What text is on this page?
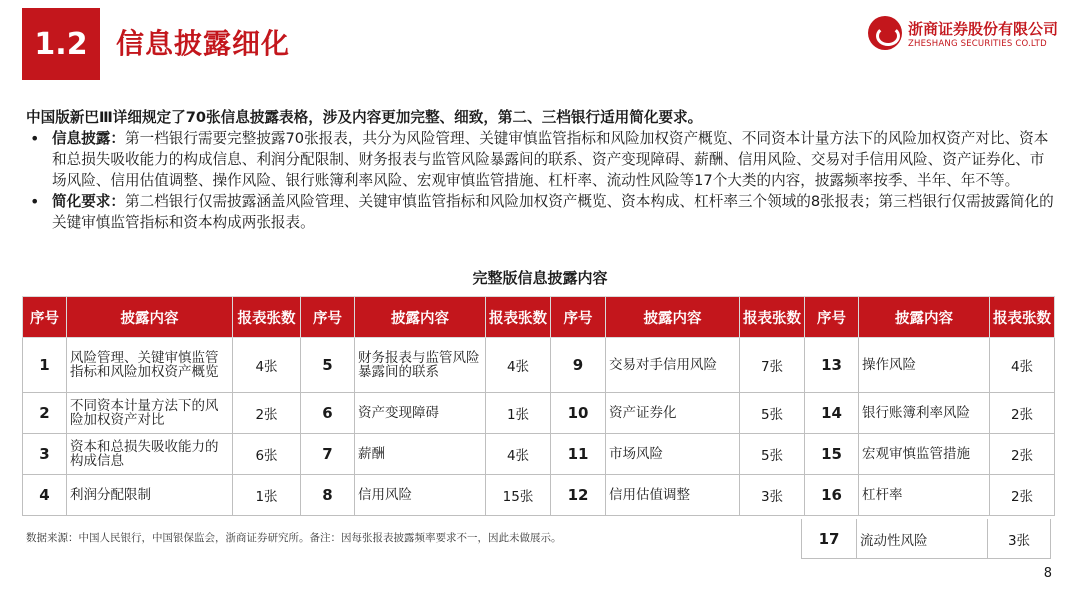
1.2	信息披露细化	浙商证券股份有限公司
ZHESHANG SECURITIES CO.LTD
中国版新巴Ⅲ详细规定了70张信息披露表格，涉及内容更加完整、细致，第二、三档银行适用简化要求。
• 信息披露：第一档银行需要完整披露70张报表，共分为风险管理、关键审慎监管指标和风险加权资产概览、不同资本计量方法下的风险加权资产对比、资本和总损失吸收能力的构成信息、利润分配限制、财务报表与监管风险暴露间的联系、资产变现障碍、薪酬、信用风险、交易对手信用风险、资产证券化、市场风险、信用估值调整、操作风险、银行账簿利率风险、宏观审慎监管措施、杠杆率、流动性风险等17个大类的内容，披露频率按季、半年、年不等。
• 简化要求：第二档银行仅需披露涵盖风险管理、关键审慎监管指标和风险加权资产概览、资本构成、杠杆率三个领域的8张报表；第三档银行仅需披露简化的关键审慎监管指标和资本构成两张报表。
完整版信息披露内容
序号	披露内容	报表张数	序号	披露内容	报表张数	序号	披露内容	报表张数	序号	披露内容	报表张数
1	风险管理、关键审慎监管指标和风险加权资产概览	4张	5	财务报表与监管风险暴露间的联系	4张	9	交易对手信用风险	7张	13	操作风险	4张
2	不同资本计量方法下的风险加权资产对比	2张	6	资产变现障碍	1张	10	资产证券化	5张	14	银行账簿利率风险	2张
3	资本和总损失吸收能力的构成信息	6张	7	薪酬	4张	11	市场风险	5张	15	宏观审慎监管措施	2张
4	利润分配限制	1张	8	信用风险	15张	12	信用估值调整	3张	16	杠杆率	2张
17	流动性风险	3张
数据来源：中国人民银行，中国银保监会，浙商证券研究所。备注：因每张报表披露频率要求不一，因此未做展示。
8
